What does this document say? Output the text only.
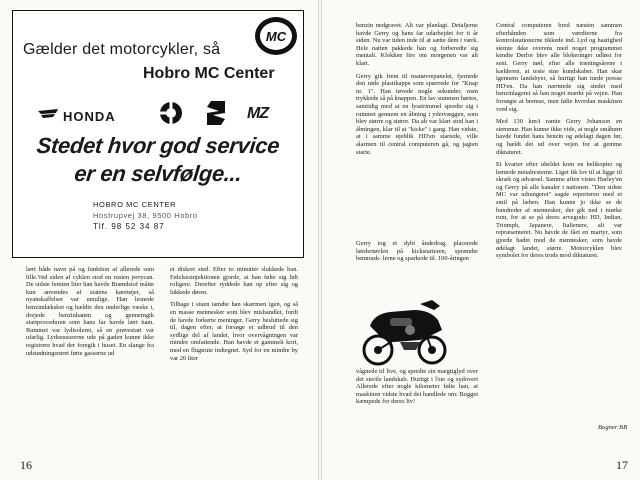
Gælder det motorcykler, så
MC
Hobro MC Center
HONDA	MZ
Stedet hvor god service
er en selvfølge...
HOBRO MC CENTER
Hostrupvej 38, 9500 Hobro
Tlf. 98 52 34 87

lært både navn på og funktion af allerede som lille.Ved siden af cyklen stod en rusten jerrycan. De sidste femten liter han havde Brændstof måtte kun anvendes af statens køretøjer, så nyanskaffelser var umulige. Han lesnede benzindæksket og hældte den underlige væske i, drejede benzinhanen og gennemgik startproceduren som hans far havde lært ham. Rummet var lydisoleret, så en prøvestart var ufarlig. Lydsensorerne ude på gaden kunne ikke registrere hvad der foregik i huset. En slange fra udstødningsrøret førte gasserne ud

et diskret sted. Efter to minutter slukkede han. Følelsesinjektionen gjorde, at han følte sig lidt roligere. Derefter ryddede han op efter sig og lukkede døren.

Tilbage i stuen tændte han skærmen igen, og så en masse mennesker som blev mishandlet, fordi de havde forkerte meninger. Gerry besluttede sig til, dagen efter, at forsøge et udbrud til den sydlige del af landet, hvor overvågningen var mindre omfattende. Han havde et gammelt kort, med en flugtrute indtegnet. Syd for en mindre by var 20 liter

16

benzin nedgravet. Alt var planlagt. Detaljerne havde Gerry og hans far udarbejdet for ti år siden. Nu var tiden inde til at sætte dem i værk. Hele natten pakkede han og forberedte sig mentalt. Klokken fire om morgenen var alt klart.

Gerry gik frem til manøvrepanelet, fjernede den røde plastikappe som spærrede for "Knap nr. 1". Han tøvede nogle sekunder, men trykkede så på knappen. En lav summen hørtes, samtidig med at en lysstrimmel spredte sig i rummet gennem en åbning i ydervæggen, som blev større og større. Da alt var klart stod han i åbningen, klar til at "kicke" i gang. Han vidste, at i samme øjeblik HD'en startede, ville alarmen til central computeren gå, og jagten starte.

Gerry tog et dybt åndedrag, placerede lærdertøvlen på kickstarteren, sprændte benmusk- lerne og sparkede til. 100-åringen

vågnede til live, og spredte sin mægtiglyd over det sterile landskab. Hurtigt i l'ste og sydovert Allerede efter nogle kilometer følte han, at maskinen vidste hvad det handlede om: Bogget kæmpede for deres liv!

Central computeren bred næsten sammen efterhånden som værdierne fra kontrolstationerne tikkede ind. Lyd og hastighed stemte ikke overens med noget programmet kendte Derfor blev alle blokeringer udløst for sent. Gerry nød, efter alle træningsårene i kælderen, at teste sine kundskaber. Han skar igennem landsbyer, så hurtigt han turde presse HD'en. Da han nærmede sig stedet med benzinlageret så han noget mærkt på vejen. Han forsøgte at bremse, men følte hvordan maskinen vred sig.

Med 130 km/t ramte Gerry Johanson en stemmur. Han kunne ikke vide, at nogle småbørn havde fundet hans benzin og ødelagt dagen før, og hældt det ud over vejen for at gemme diktaturet.

Et kvarter efter uheldet kom en helikopter og hentede metalresterne. Liget fik lov til at ligge til skræk og advarsel. Samme aften vistes Harley'en og Gerry på alle kanaler i nationen. "Den sidste MC var udrangeret" sagde reporteren med et smil på læben. Han kunne jo ikke se de hundreder af mennesker, der gik ned i mørke rum, for at se på deres arvegods: HD, Indian, Triumph, Japanere, Italienere, alt var repræsenteret. Nu havde de fået en martyr, som gjorde hadet mod de mennesker, som havde ødelagt landet, større. Motorcyklen blev symbolet for deres trods mod diktaturet.

Bogner BB
17
